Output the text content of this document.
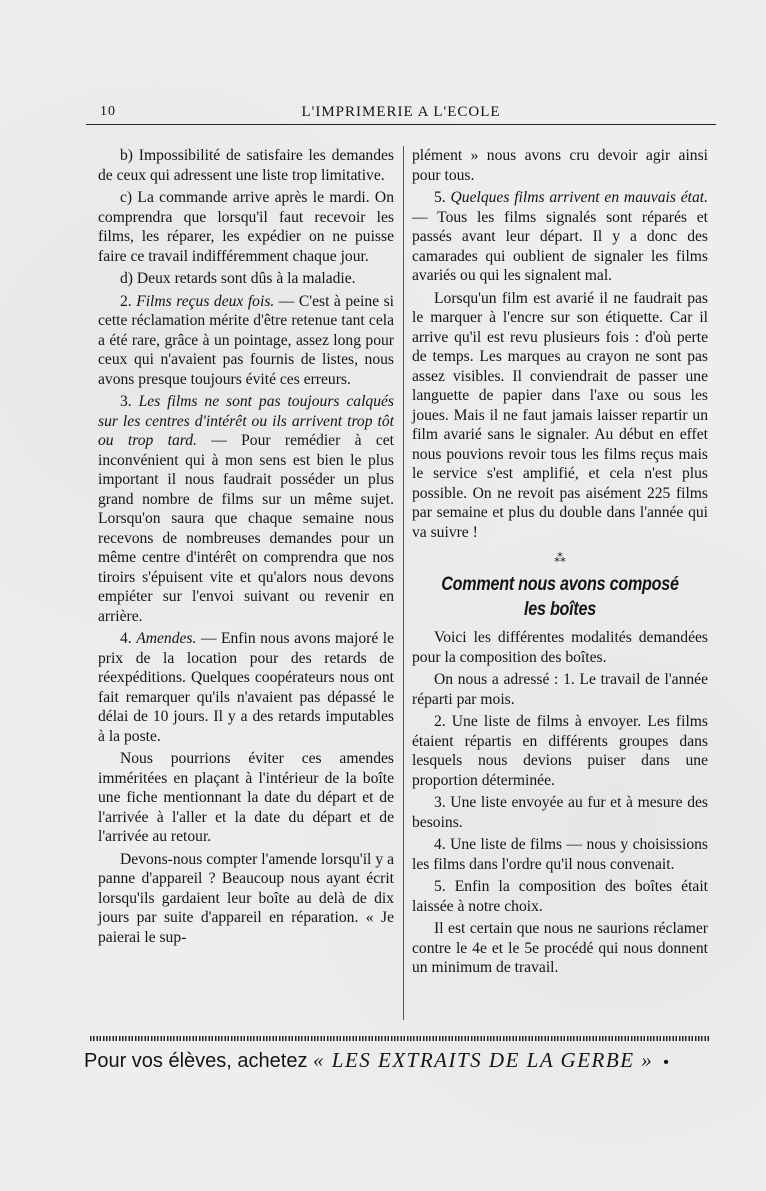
10	L'IMPRIMERIE A L'ECOLE

b) Impossibilité de satisfaire les demandes de ceux qui adressent une liste trop limitative.

c) La commande arrive après le mardi. On comprendra que lorsqu'il faut recevoir les films, les réparer, les expédier on ne puisse faire ce travail indifféremment chaque jour.

d) Deux retards sont dûs à la maladie.

2. Films reçus deux fois. — C'est à peine si cette réclamation mérite d'être retenue tant cela a été rare, grâce à un pointage, assez long pour ceux qui n'avaient pas fournis de listes, nous avons presque toujours évité ces erreurs.

3. Les films ne sont pas toujours calqués sur les centres d'intérêt ou ils arrivent trop tôt ou trop tard. — Pour remédier à cet inconvénient qui à mon sens est bien le plus important il nous faudrait posséder un plus grand nombre de films sur un même sujet. Lorsqu'on saura que chaque semaine nous recevons de nombreuses demandes pour un même centre d'intérêt on comprendra que nos tiroirs s'épuisent vite et qu'alors nous devons empiéter sur l'envoi suivant ou revenir en arrière.

4. Amendes. — Enfin nous avons majoré le prix de la location pour des retards de réexpéditions. Quelques coopérateurs nous ont fait remarquer qu'ils n'avaient pas dépassé le délai de 10 jours. Il y a des retards imputables à la poste.

Nous pourrions éviter ces amendes imméritées en plaçant à l'intérieur de la boîte une fiche mentionnant la date du départ et de l'arrivée à l'aller et la date du départ et de l'arrivée au retour.

Devons-nous compter l'amende lorsqu'il y a panne d'appareil ? Beaucoup nous ayant écrit lorsqu'ils gardaient leur boîte au delà de dix jours par suite d'appareil en réparation. « Je paierai le sup-

plément » nous avons cru devoir agir ainsi pour tous.

5. Quelques films arrivent en mauvais état. — Tous les films signalés sont réparés et passés avant leur départ. Il y a donc des camarades qui oublient de signaler les films avariés ou qui les signalent mal.

Lorsqu'un film est avarié il ne faudrait pas le marquer à l'encre sur son étiquette. Car il arrive qu'il est revu plusieurs fois : d'où perte de temps. Les marques au crayon ne sont pas assez visibles. Il conviendrait de passer une languette de papier dans l'axe ou sous les joues. Mais il ne faut jamais laisser repartir un film avarié sans le signaler. Au début en effet nous pouvions revoir tous les films reçus mais le service s'est amplifié, et cela n'est plus possible. On ne revoit pas aisément 225 films par semaine et plus du double dans l'année qui va suivre !

⁂
Comment nous avons composé
les boîtes

Voici les différentes modalités demandées pour la composition des boîtes.

On nous a adressé : 1. Le travail de l'année réparti par mois.

2. Une liste de films à envoyer. Les films étaient répartis en différents groupes dans lesquels nous devions puiser dans une proportion déterminée.

3. Une liste envoyée au fur et à mesure des besoins.

4. Une liste de films — nous y choisissions les films dans l'ordre qu'il nous convenait.

5. Enfin la composition des boîtes était laissée à notre choix.

Il est certain que nous ne saurions réclamer contre le 4e et le 5e procédé qui nous donnent un minimum de travail.

Pour vos élèves, achetez « LES EXTRAITS DE LA GERBE » •
